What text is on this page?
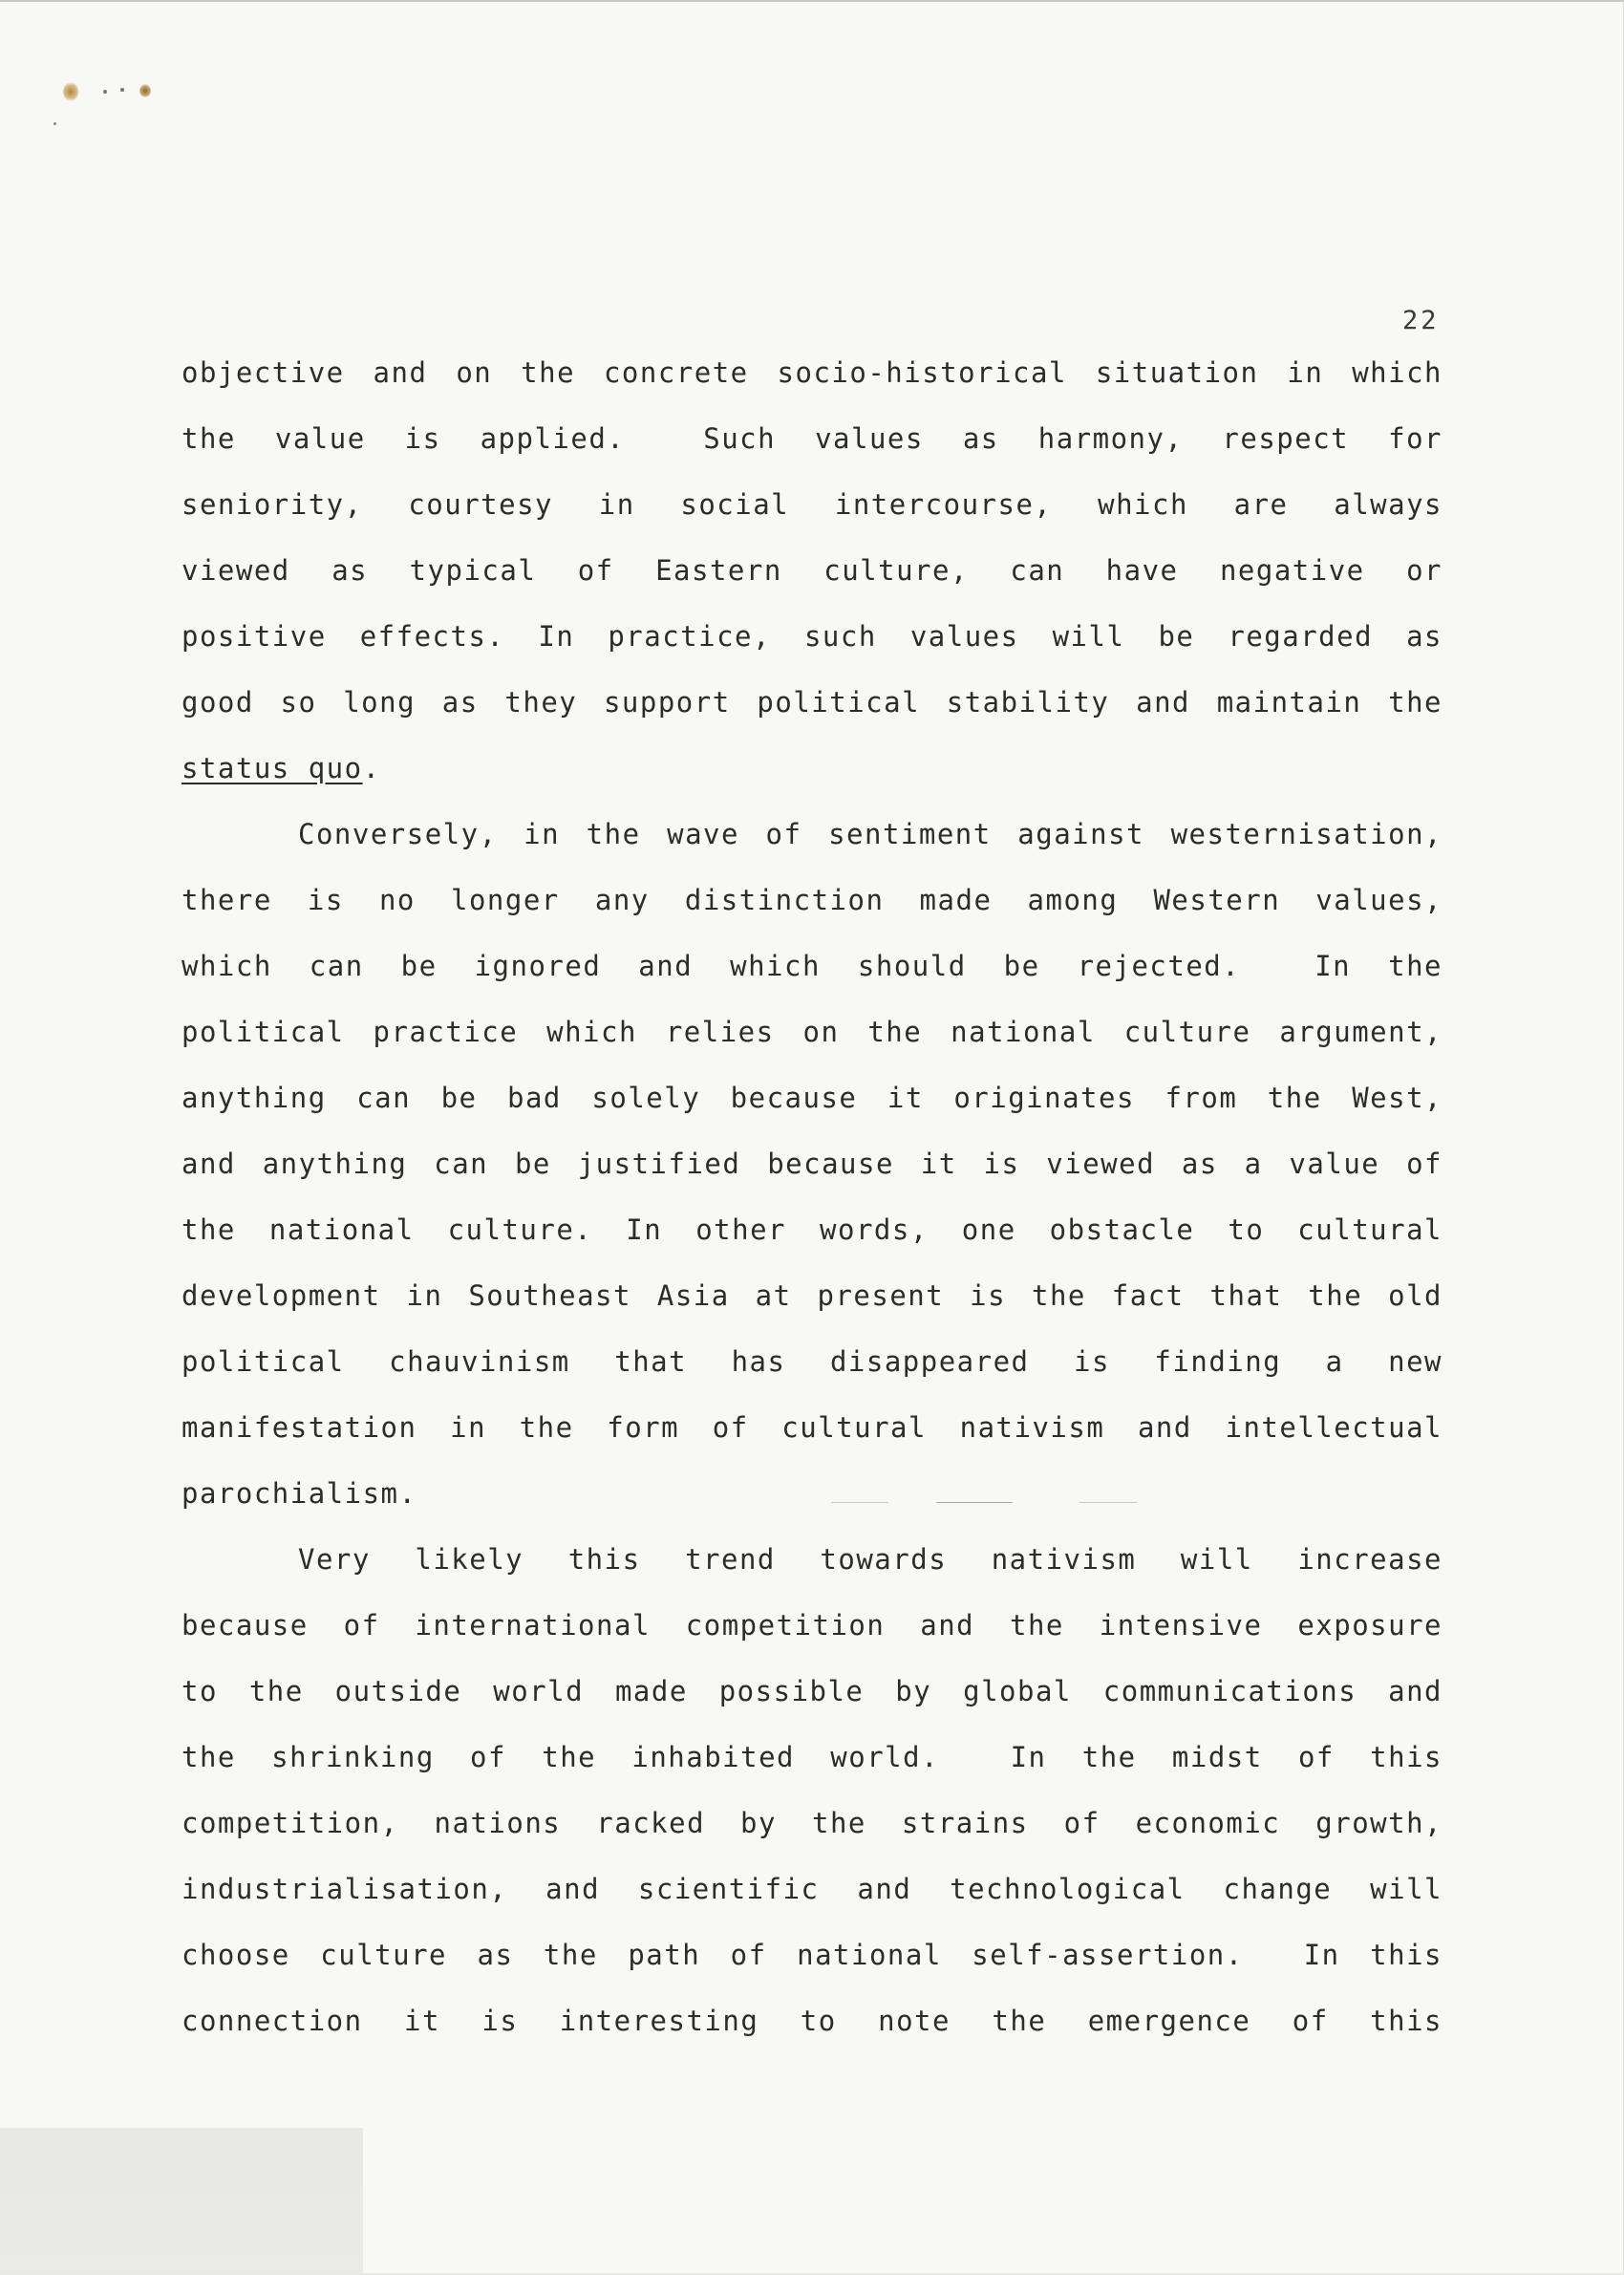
22
objective and on the concrete socio-historical situation in which
the value is applied.  Such values as harmony, respect for
seniority, courtesy in social intercourse, which are always
viewed as typical of Eastern culture, can have negative or
positive effects. In practice, such values will be regarded as
good so long as they support political stability and maintain the
status quo.
Conversely, in the wave of sentiment against westernisation,
there is no longer any distinction made among Western values,
which can be ignored and which should be rejected.  In the
political practice which relies on the national culture argument,
anything can be bad solely because it originates from the West,
and anything can be justified because it is viewed as a value of
the national culture. In other words, one obstacle to cultural
development in Southeast Asia at present is the fact that the old
political chauvinism that has disappeared is finding a new
manifestation in the form of cultural nativism and intellectual
parochialism.
Very likely this trend towards nativism will increase
because of international competition and the intensive exposure
to the outside world made possible by global communications and
the shrinking of the inhabited world.  In the midst of this
competition, nations racked by the strains of economic growth,
industrialisation, and scientific and technological change will
choose culture as the path of national self-assertion.  In this
connection it is interesting to note the emergence of this
